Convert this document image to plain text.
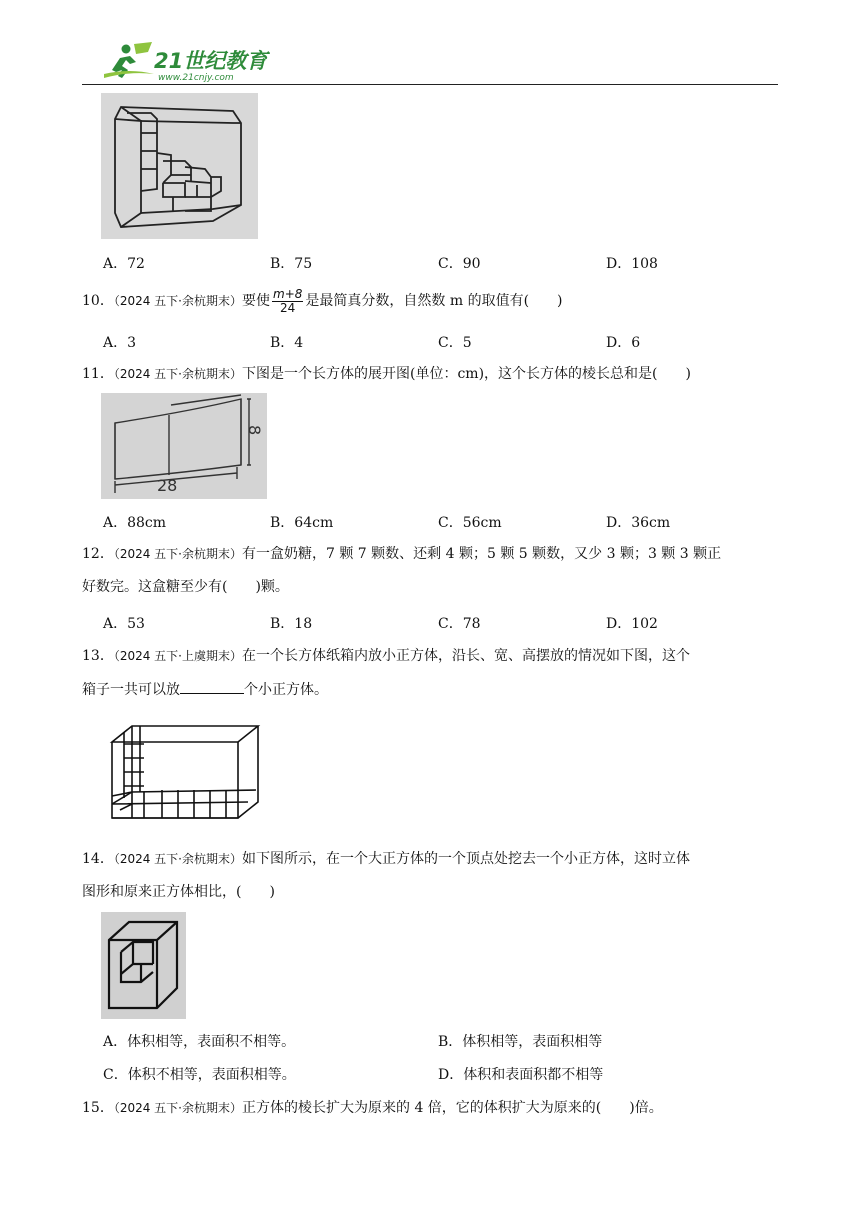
21世纪教育
www.21cnjy.com
A．72	B．75	C．90	D．108
10．（2024 五下·余杭期末）要使 $\frac{m+8}{24}$ 是最简真分数，自然数 m 的取值有(　　)
A．3	B．4	C．5	D．6
11．（2024 五下·余杭期末）下图是一个长方体的展开图(单位：cm)，这个长方体的棱长总和是(　　)
8
28
A．88cm	B．64cm	C．56cm	D．36cm
12．（2024 五下·余杭期末）有一盒奶糖，7 颗 7 颗数、还剩 4 颗；5 颗 5 颗数，又少 3 颗；3 颗 3 颗正
好数完。这盒糖至少有(　　)颗。
A．53	B．18	C．78	D．102
13．（2024 五下·上虞期末）在一个长方体纸箱内放小正方体，沿长、宽、高摆放的情况如下图，这个
箱子一共可以放	个小正方体。
14．（2024 五下·余杭期末）如下图所示，在一个大正方体的一个顶点处挖去一个小正方体，这时立体
图形和原来正方体相比，(　　)
A．体积相等，表面积不相等。	B．体积相等，表面积相等
C．体积不相等，表面积相等。	D．体积和表面积都不相等
15．（2024 五下·余杭期末）正方体的棱长扩大为原来的 4 倍，它的体积扩大为原来的(　　)倍。
